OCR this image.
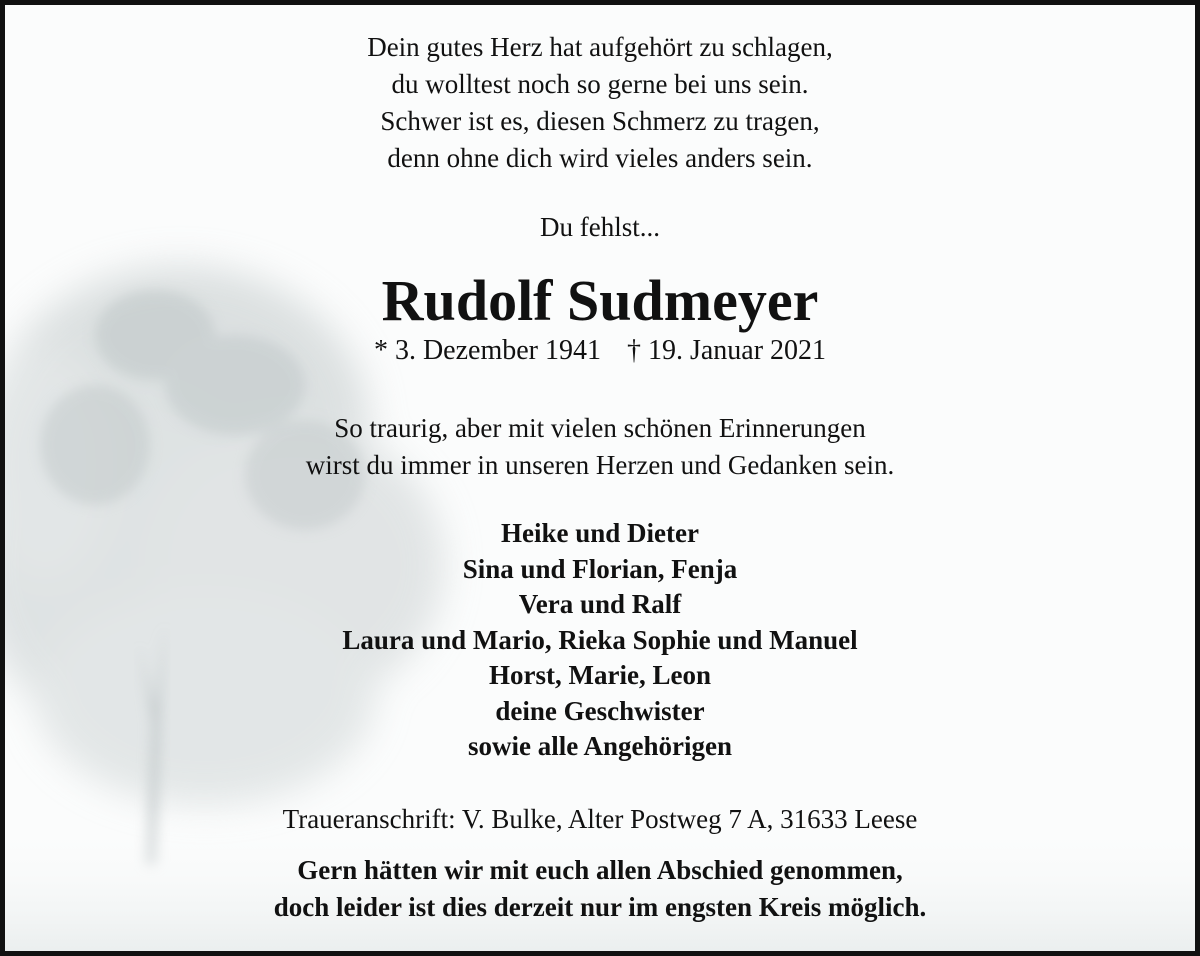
Dein gutes Herz hat aufgehört zu schlagen,
du wolltest noch so gerne bei uns sein.
Schwer ist es, diesen Schmerz zu tragen,
denn ohne dich wird vieles anders sein.
Du fehlst...
Rudolf Sudmeyer
* 3. Dezember 1941 † 19. Januar 2021
So traurig, aber mit vielen schönen Erinnerungen
wirst du immer in unseren Herzen und Gedanken sein.
Heike und Dieter
Sina und Florian, Fenja
Vera und Ralf
Laura und Mario, Rieka Sophie und Manuel
Horst, Marie, Leon
deine Geschwister
sowie alle Angehörigen
Traueranschrift: V. Bulke, Alter Postweg 7 A, 31633 Leese
Gern hätten wir mit euch allen Abschied genommen,
doch leider ist dies derzeit nur im engsten Kreis möglich.
